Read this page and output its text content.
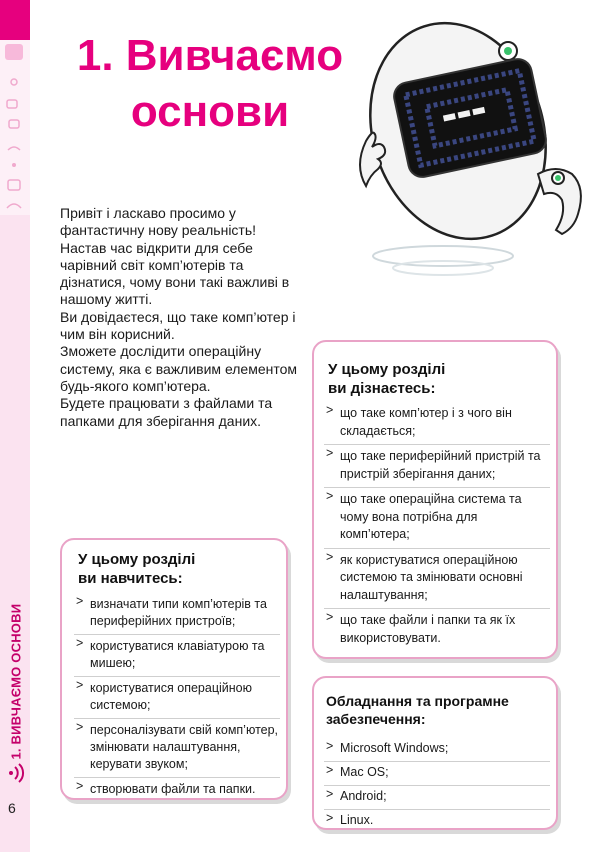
1. ВИВЧАЄМО ОСНОВИ
6
1. Вивчаємо
основи

Привіт і ласкаво просимо у фантастичну нову реальність!

Настав час відкрити для себе чарівний світ комп’ютерів та дізнатися, чому вони такі важливі в нашому житті.

Ви довідаєтеся, що таке комп’ютер і чим він корисний.

Зможете дослідити операційну систему, яка є важливим елементом будь-якого комп’ютера.

Будете працювати з файлами та папками для зберігання даних.

У цьому розділі
ви дізнаєтесь:
> що таке комп’ютер і з чого він складається;
> що таке периферійний пристрій та пристрій зберігання даних;
> що таке операційна система та чому вона потрібна для комп’ютера;
> як користуватися операційною системою та змінювати основні налаштування;
> що таке файли і папки та як їх використовувати.
У цьому розділі
ви навчитесь:
> визначати типи комп’ютерів та периферійних пристроїв;
> користуватися клавіатурою та мишею;
> користуватися операційною системою;
> персоналізувати свій комп’ютер, змінювати налаштування, керувати звуком;
> створювати файли та папки.
Обладнання та програмне
забезпечення:
> Microsoft Windows;
> Mac OS;
> Android;
> Linux.
